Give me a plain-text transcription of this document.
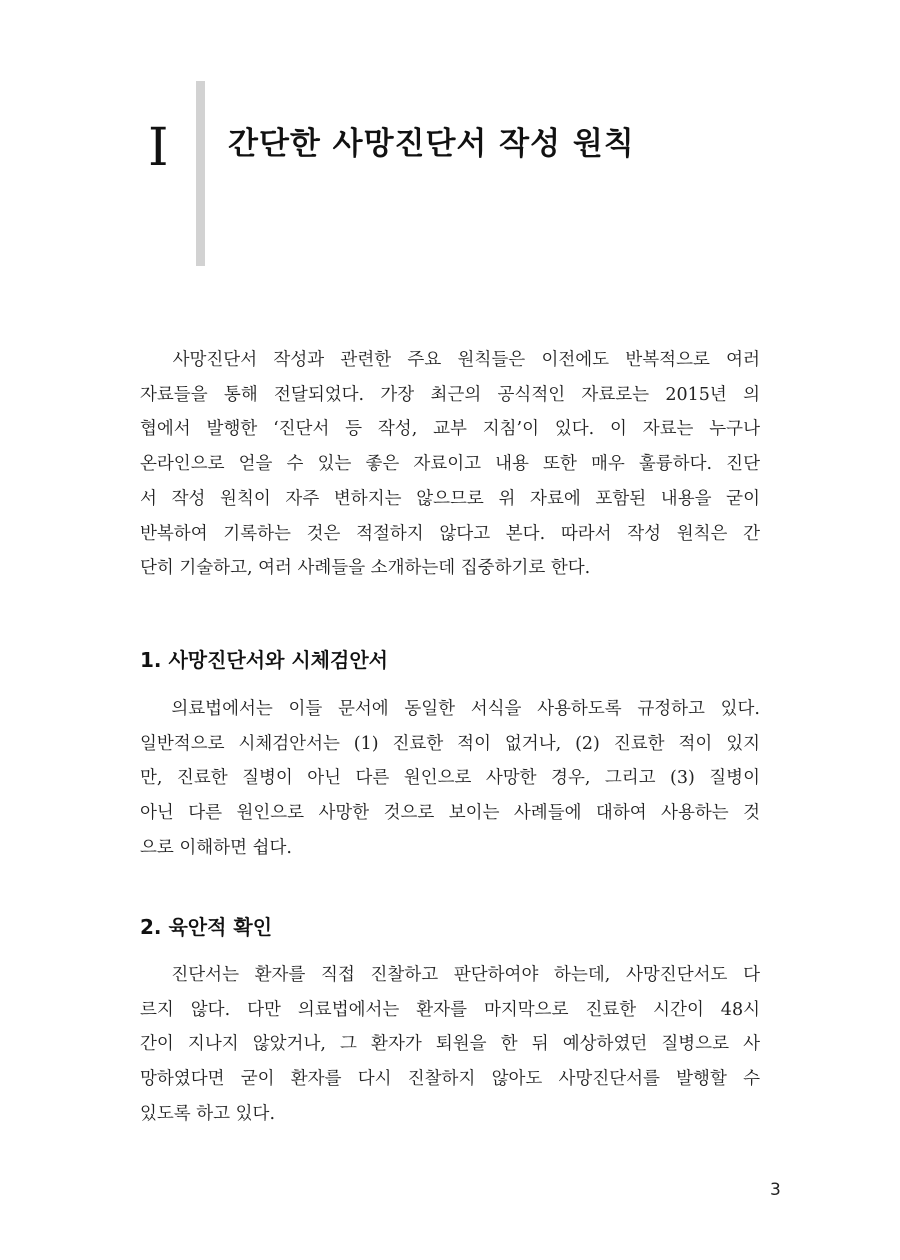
I 간단한 사망진단서 작성 원칙

사망진단서 작성과 관련한 주요 원칙들은 이전에도 반복적으로 여러
자료들을 통해 전달되었다. 가장 최근의 공식적인 자료로는 2015년 의
협에서 발행한 ‘진단서 등 작성, 교부 지침’이 있다. 이 자료는 누구나
온라인으로 얻을 수 있는 좋은 자료이고 내용 또한 매우 훌륭하다. 진단
서 작성 원칙이 자주 변하지는 않으므로 위 자료에 포함된 내용을 굳이
반복하여 기록하는 것은 적절하지 않다고 본다. 따라서 작성 원칙은 간
단히 기술하고, 여러 사례들을 소개하는데 집중하기로 한다.

1. 사망진단서와 시체검안서

의료법에서는 이들 문서에 동일한 서식을 사용하도록 규정하고 있다.
일반적으로 시체검안서는 (1) 진료한 적이 없거나, (2) 진료한 적이 있지
만, 진료한 질병이 아닌 다른 원인으로 사망한 경우, 그리고 (3) 질병이
아닌 다른 원인으로 사망한 것으로 보이는 사례들에 대하여 사용하는 것
으로 이해하면 쉽다.

2. 육안적 확인

진단서는 환자를 직접 진찰하고 판단하여야 하는데, 사망진단서도 다
르지 않다. 다만 의료법에서는 환자를 마지막으로 진료한 시간이 48시
간이 지나지 않았거나, 그 환자가 퇴원을 한 뒤 예상하였던 질병으로 사
망하였다면 굳이 환자를 다시 진찰하지 않아도 사망진단서를 발행할 수
있도록 하고 있다.

3
